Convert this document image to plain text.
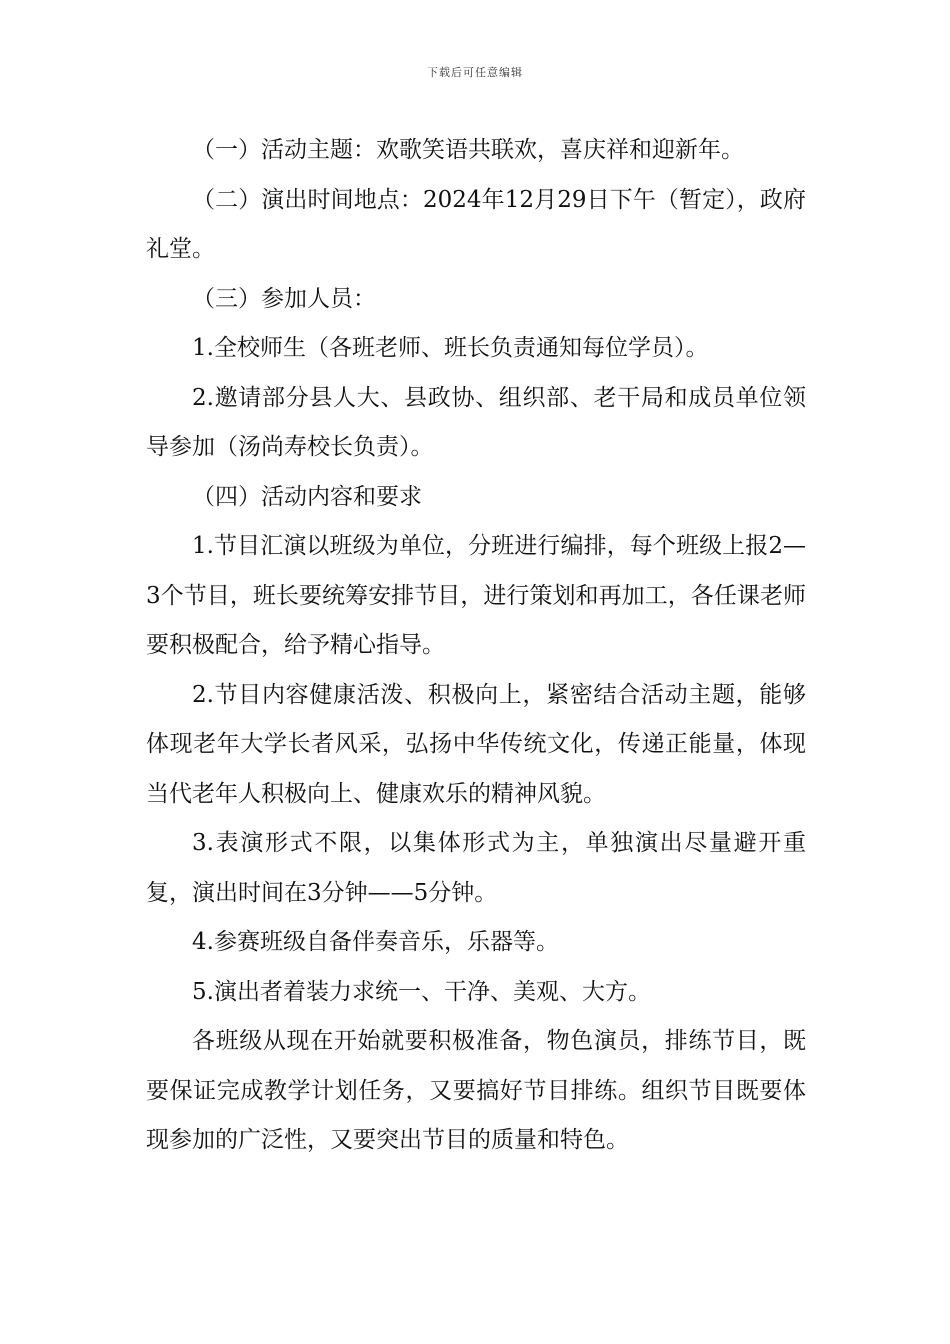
下载后可任意编辑

（一）活动主题：欢歌笑语共联欢，喜庆祥和迎新年。

（二）演出时间地点：2024年12月29日下午（暂定），政府礼堂。

（三）参加人员：

1.全校师生（各班老师、班长负责通知每位学员）。

2.邀请部分县人大、县政协、组织部、老干局和成员单位领导参加（汤尚寿校长负责）。

（四）活动内容和要求

1.节目汇演以班级为单位，分班进行编排，每个班级上报2—3个节目，班长要统筹安排节目，进行策划和再加工，各任课老师要积极配合，给予精心指导。

2.节目内容健康活泼、积极向上，紧密结合活动主题，能够体现老年大学长者风采，弘扬中华传统文化，传递正能量，体现当代老年人积极向上、健康欢乐的精神风貌。

3.表演形式不限，以集体形式为主，单独演出尽量避开重复，演出时间在3分钟——5分钟。

4.参赛班级自备伴奏音乐，乐器等。

5.演出者着装力求统一、干净、美观、大方。

各班级从现在开始就要积极准备，物色演员，排练节目，既要保证完成教学计划任务，又要搞好节目排练。组织节目既要体现参加的广泛性，又要突出节目的质量和特色。
